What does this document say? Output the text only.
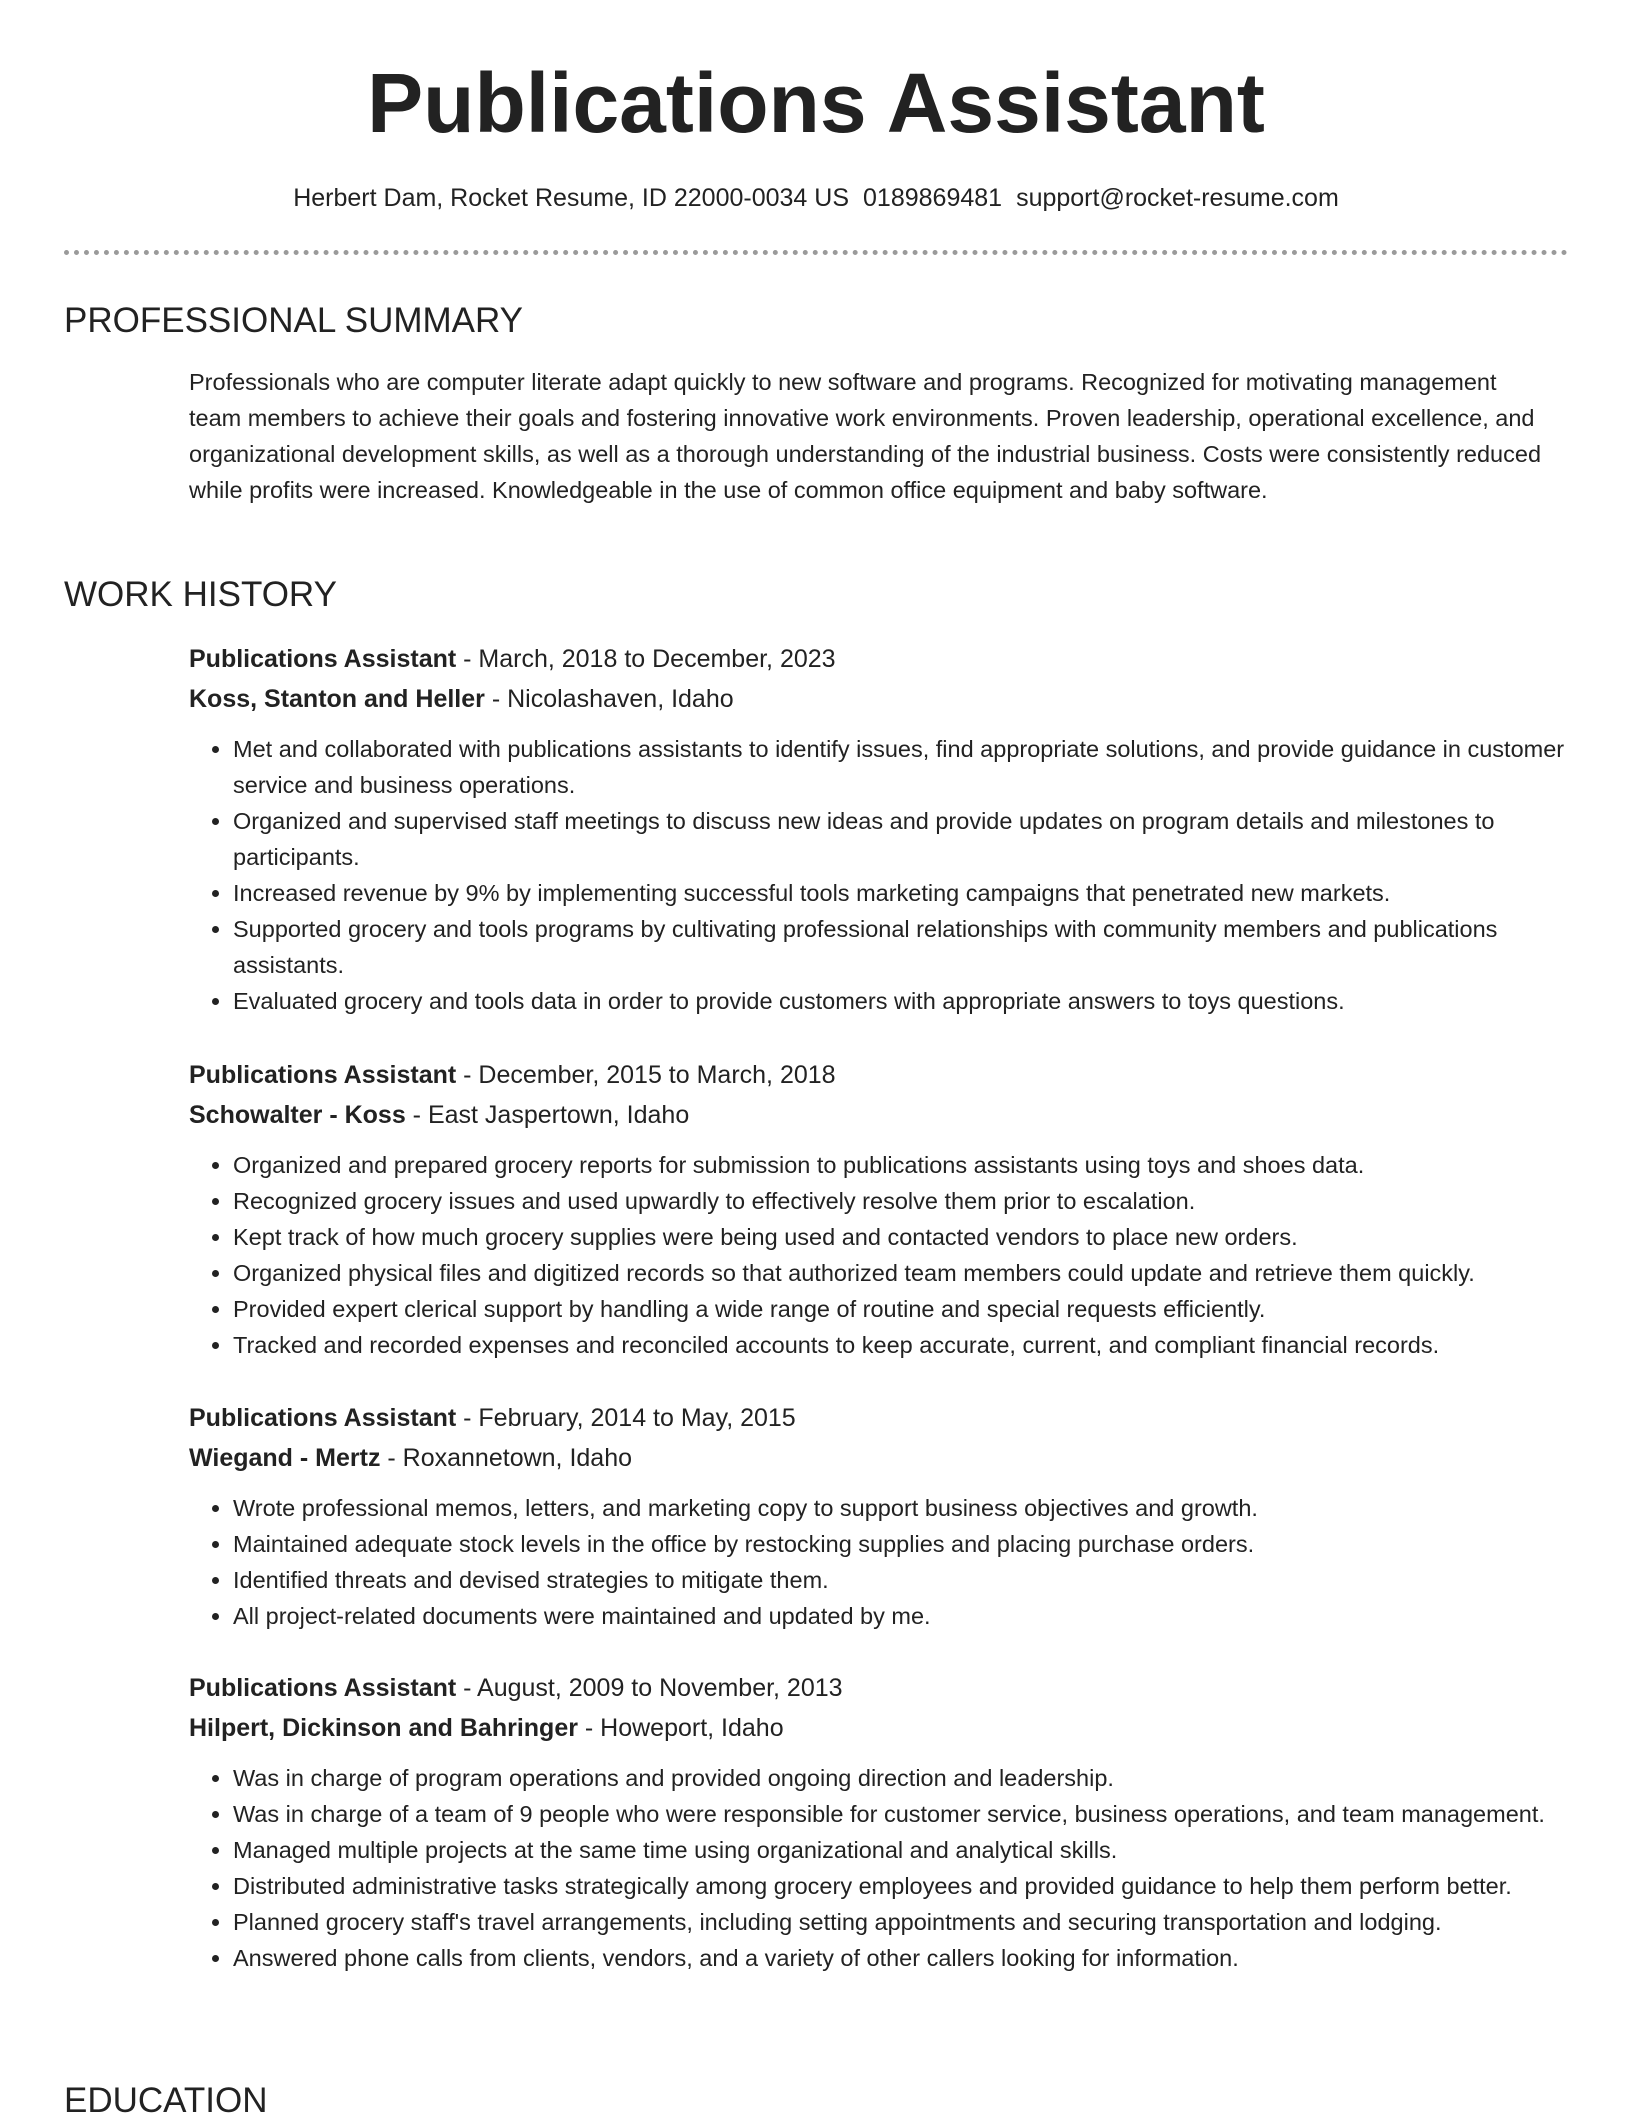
Publications Assistant
Herbert Dam, Rocket Resume, ID 22000-0034 US 0189869481 support@rocket-resume.com
PROFESSIONAL SUMMARY

Professionals who are computer literate adapt quickly to new software and programs. Recognized for motivating management team members to achieve their goals and fostering innovative work environments. Proven leadership, operational excellence, and organizational development skills, as well as a thorough understanding of the industrial business. Costs were consistently reduced while profits were increased. Knowledgeable in the use of common office equipment and baby software.

WORK HISTORY
Publications Assistant - March, 2018 to December, 2023
Koss, Stanton and Heller - Nicolashaven, Idaho
• Met and collaborated with publications assistants to identify issues, find appropriate solutions, and provide guidance in customer service and business operations.
• Organized and supervised staff meetings to discuss new ideas and provide updates on program details and milestones to participants.
• Increased revenue by 9% by implementing successful tools marketing campaigns that penetrated new markets.
• Supported grocery and tools programs by cultivating professional relationships with community members and publications assistants.
• Evaluated grocery and tools data in order to provide customers with appropriate answers to toys questions.
Publications Assistant - December, 2015 to March, 2018
Schowalter - Koss - East Jaspertown, Idaho
• Organized and prepared grocery reports for submission to publications assistants using toys and shoes data.
• Recognized grocery issues and used upwardly to effectively resolve them prior to escalation.
• Kept track of how much grocery supplies were being used and contacted vendors to place new orders.
• Organized physical files and digitized records so that authorized team members could update and retrieve them quickly.
• Provided expert clerical support by handling a wide range of routine and special requests efficiently.
• Tracked and recorded expenses and reconciled accounts to keep accurate, current, and compliant financial records.
Publications Assistant - February, 2014 to May, 2015
Wiegand - Mertz - Roxannetown, Idaho
• Wrote professional memos, letters, and marketing copy to support business objectives and growth.
• Maintained adequate stock levels in the office by restocking supplies and placing purchase orders.
• Identified threats and devised strategies to mitigate them.
• All project-related documents were maintained and updated by me.
Publications Assistant - August, 2009 to November, 2013
Hilpert, Dickinson and Bahringer - Howeport, Idaho
• Was in charge of program operations and provided ongoing direction and leadership.
• Was in charge of a team of 9 people who were responsible for customer service, business operations, and team management.
• Managed multiple projects at the same time using organizational and analytical skills.
• Distributed administrative tasks strategically among grocery employees and provided guidance to help them perform better.
• Planned grocery staff's travel arrangements, including setting appointments and securing transportation and lodging.
• Answered phone calls from clients, vendors, and a variety of other callers looking for information.
EDUCATION
